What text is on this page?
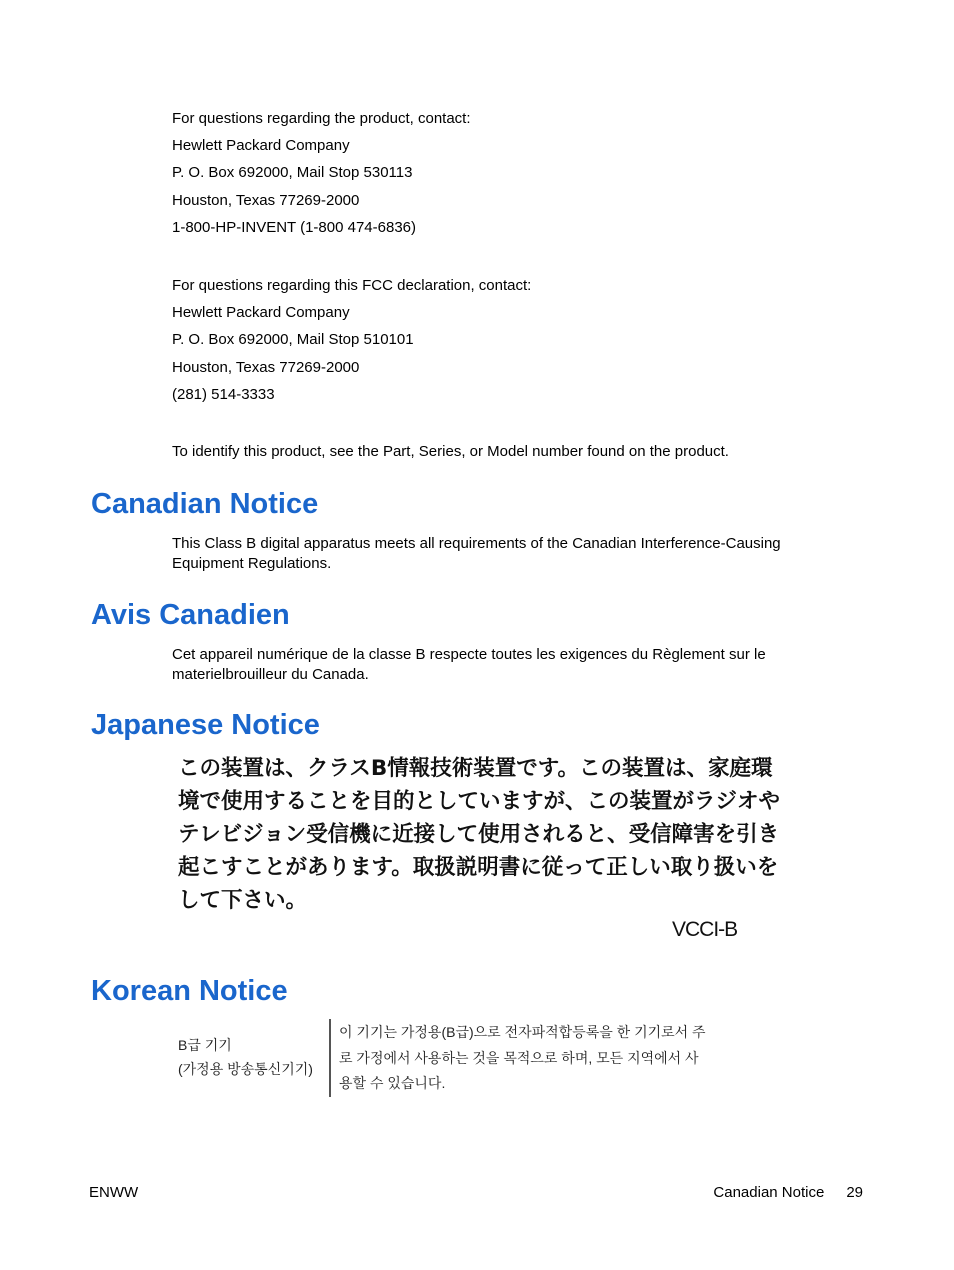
For questions regarding the product, contact:
Hewlett Packard Company
P. O. Box 692000, Mail Stop 530113
Houston, Texas 77269-2000
1-800-HP-INVENT (1-800 474-6836)
For questions regarding this FCC declaration, contact:
Hewlett Packard Company
P. O. Box 692000, Mail Stop 510101
Houston, Texas 77269-2000
(281) 514-3333
To identify this product, see the Part, Series, or Model number found on the product.
Canadian Notice
This Class B digital apparatus meets all requirements of the Canadian Interference-Causing Equipment Regulations.
Avis Canadien
Cet appareil numérique de la classe B respecte toutes les exigences du Règlement sur le materielbrouilleur du Canada.
Japanese Notice
この装置は、クラスB情報技術装置です。この装置は、家庭環
境で使用することを目的としていますが、この装置がラジオや
テレビジョン受信機に近接して使用されると、受信障害を引き
起こすことがあります。取扱説明書に従って正しい取り扱いを
して下さい。
VCCI-B
Korean Notice
B급 기기
(가정용 방송통신기기)
이 기기는 가정용(B급)으로 전자파적합등록을 한 기기로서 주
로 가정에서 사용하는 것을 목적으로 하며, 모든 지역에서 사
용할 수 있습니다.
ENWW	Canadian Notice 29
